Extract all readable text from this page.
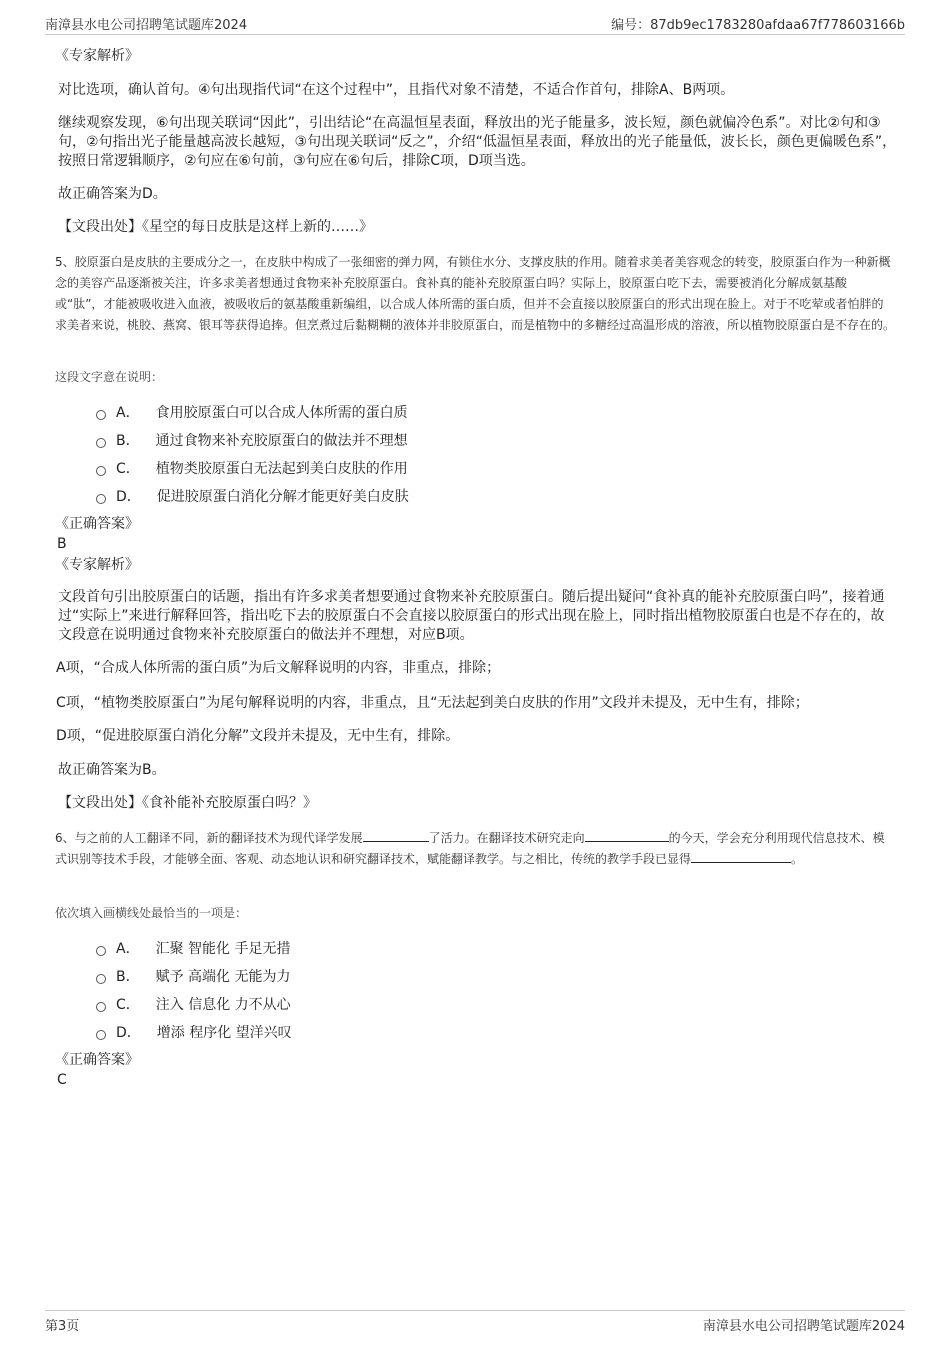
南漳县水电公司招聘笔试题库2024	编号：87db9ec1783280afdaa67f778603166b
《专家解析》
对比选项，确认首句。④句出现指代词“在这个过程中”，且指代对象不清楚，不适合作首句，排除A、B两项。
继续观察发现，⑥句出现关联词“因此”，引出结论“在高温恒星表面，释放出的光子能量多，波长短，颜色就偏冷色系”。对比②句和③句，②句指出光子能量越高波长越短，③句出现关联词“反之”，介绍“低温恒星表面，释放出的光子能量低，波长长，颜色更偏暖色系”，按照日常逻辑顺序，②句应在⑥句前，③句应在⑥句后，排除C项，D项当选。
故正确答案为D。
【文段出处】《星空的每日皮肤是这样上新的……》
5、胶原蛋白是皮肤的主要成分之一，在皮肤中构成了一张细密的弹力网，有锁住水分、支撑皮肤的作用。随着求美者美容观念的转变，胶原蛋白作为一种新概念的美容产品逐渐被关注，许多求美者想通过食物来补充胶原蛋白。食补真的能补充胶原蛋白吗？实际上，胶原蛋白吃下去，需要被消化分解成氨基酸或“肽”，才能被吸收进入血液，被吸收后的氨基酸重新编组，以合成人体所需的蛋白质，但并不会直接以胶原蛋白的形式出现在脸上。对于不吃荤或者怕胖的求美者来说，桃胶、燕窝、银耳等获得追捧。但烹煮过后黏糊糊的液体并非胶原蛋白，而是植物中的多糖经过高温形成的溶液，所以植物胶原蛋白是不存在的。
这段文字意在说明：
A． 食用胶原蛋白可以合成人体所需的蛋白质
B． 通过食物来补充胶原蛋白的做法并不理想
C． 植物类胶原蛋白无法起到美白皮肤的作用
D． 促进胶原蛋白消化分解才能更好美白皮肤
《正确答案》
B
《专家解析》
文段首句引出胶原蛋白的话题，指出有许多求美者想要通过食物来补充胶原蛋白。随后提出疑问“食补真的能补充胶原蛋白吗”，接着通过“实际上”来进行解释回答，指出吃下去的胶原蛋白不会直接以胶原蛋白的形式出现在脸上，同时指出植物胶原蛋白也是不存在的，故文段意在说明通过食物来补充胶原蛋白的做法并不理想，对应B项。
A项，“合成人体所需的蛋白质”为后文解释说明的内容，非重点，排除；
C项，“植物类胶原蛋白”为尾句解释说明的内容，非重点，且“无法起到美白皮肤的作用”文段并未提及，无中生有，排除；
D项，“促进胶原蛋白消化分解”文段并未提及，无中生有，排除。
故正确答案为B。
【文段出处】《食补能补充胶原蛋白吗？》
6、与之前的人工翻译不同，新的翻译技术为现代译学发展	了活力。在翻译技术研究走向	的今天，学会充分利用现代信息技术、模式识别等技术手段，才能够全面、客观、动态地认识和研究翻译技术，赋能翻译教学。与之相比，传统的教学手段已显得	。
依次填入画横线处最恰当的一项是：
A． 汇聚 智能化 手足无措
B． 赋予 高端化 无能为力
C． 注入 信息化 力不从心
D． 增添 程序化 望洋兴叹
《正确答案》
C
第3页	南漳县水电公司招聘笔试题库2024
